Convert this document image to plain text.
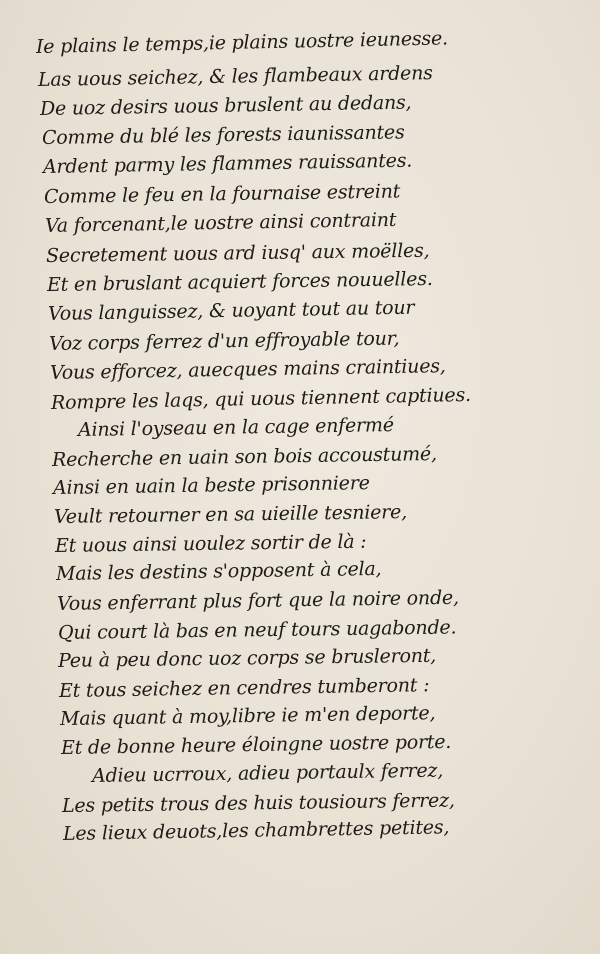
Ie plains le temps,ie plains uostre ieunesse.
Las uous seichez, & les flambeaux ardens
De uoz desirs uous bruslent au dedans,
Comme du blé les forests iaunissantes
Ardent parmy les flammes rauissantes.
Comme le feu en la fournaise estreint
Va forcenant,le uostre ainsi contraint
Secretement uous ard iusq' aux moëlles,
Et en bruslant acquiert forces nouuelles.
Vous languissez, & uoyant tout au tour
Voz corps ferrez d'un effroyable tour,
Vous efforcez, auecques mains craintiues,
Rompre les laqs, qui uous tiennent captiues.
Ainsi l'oyseau en la cage enfermé
Recherche en uain son bois accoustumé,
Ainsi en uain la beste prisonniere
Veult retourner en sa uieille tesniere,
Et uous ainsi uoulez sortir de là :
Mais les destins s'opposent à cela,
Vous enferrant plus fort que la noire onde,
Qui court là bas en neuf tours uagabonde.
Peu à peu donc uoz corps se brusleront,
Et tous seichez en cendres tumberont :
Mais quant à moy,libre ie m'en deporte,
Et de bonne heure éloingne uostre porte.
Adieu ucrroux, adieu portaulx ferrez,
Les petits trous des huis tousiours ferrez,
Les lieux deuots,les chambrettes petites,
